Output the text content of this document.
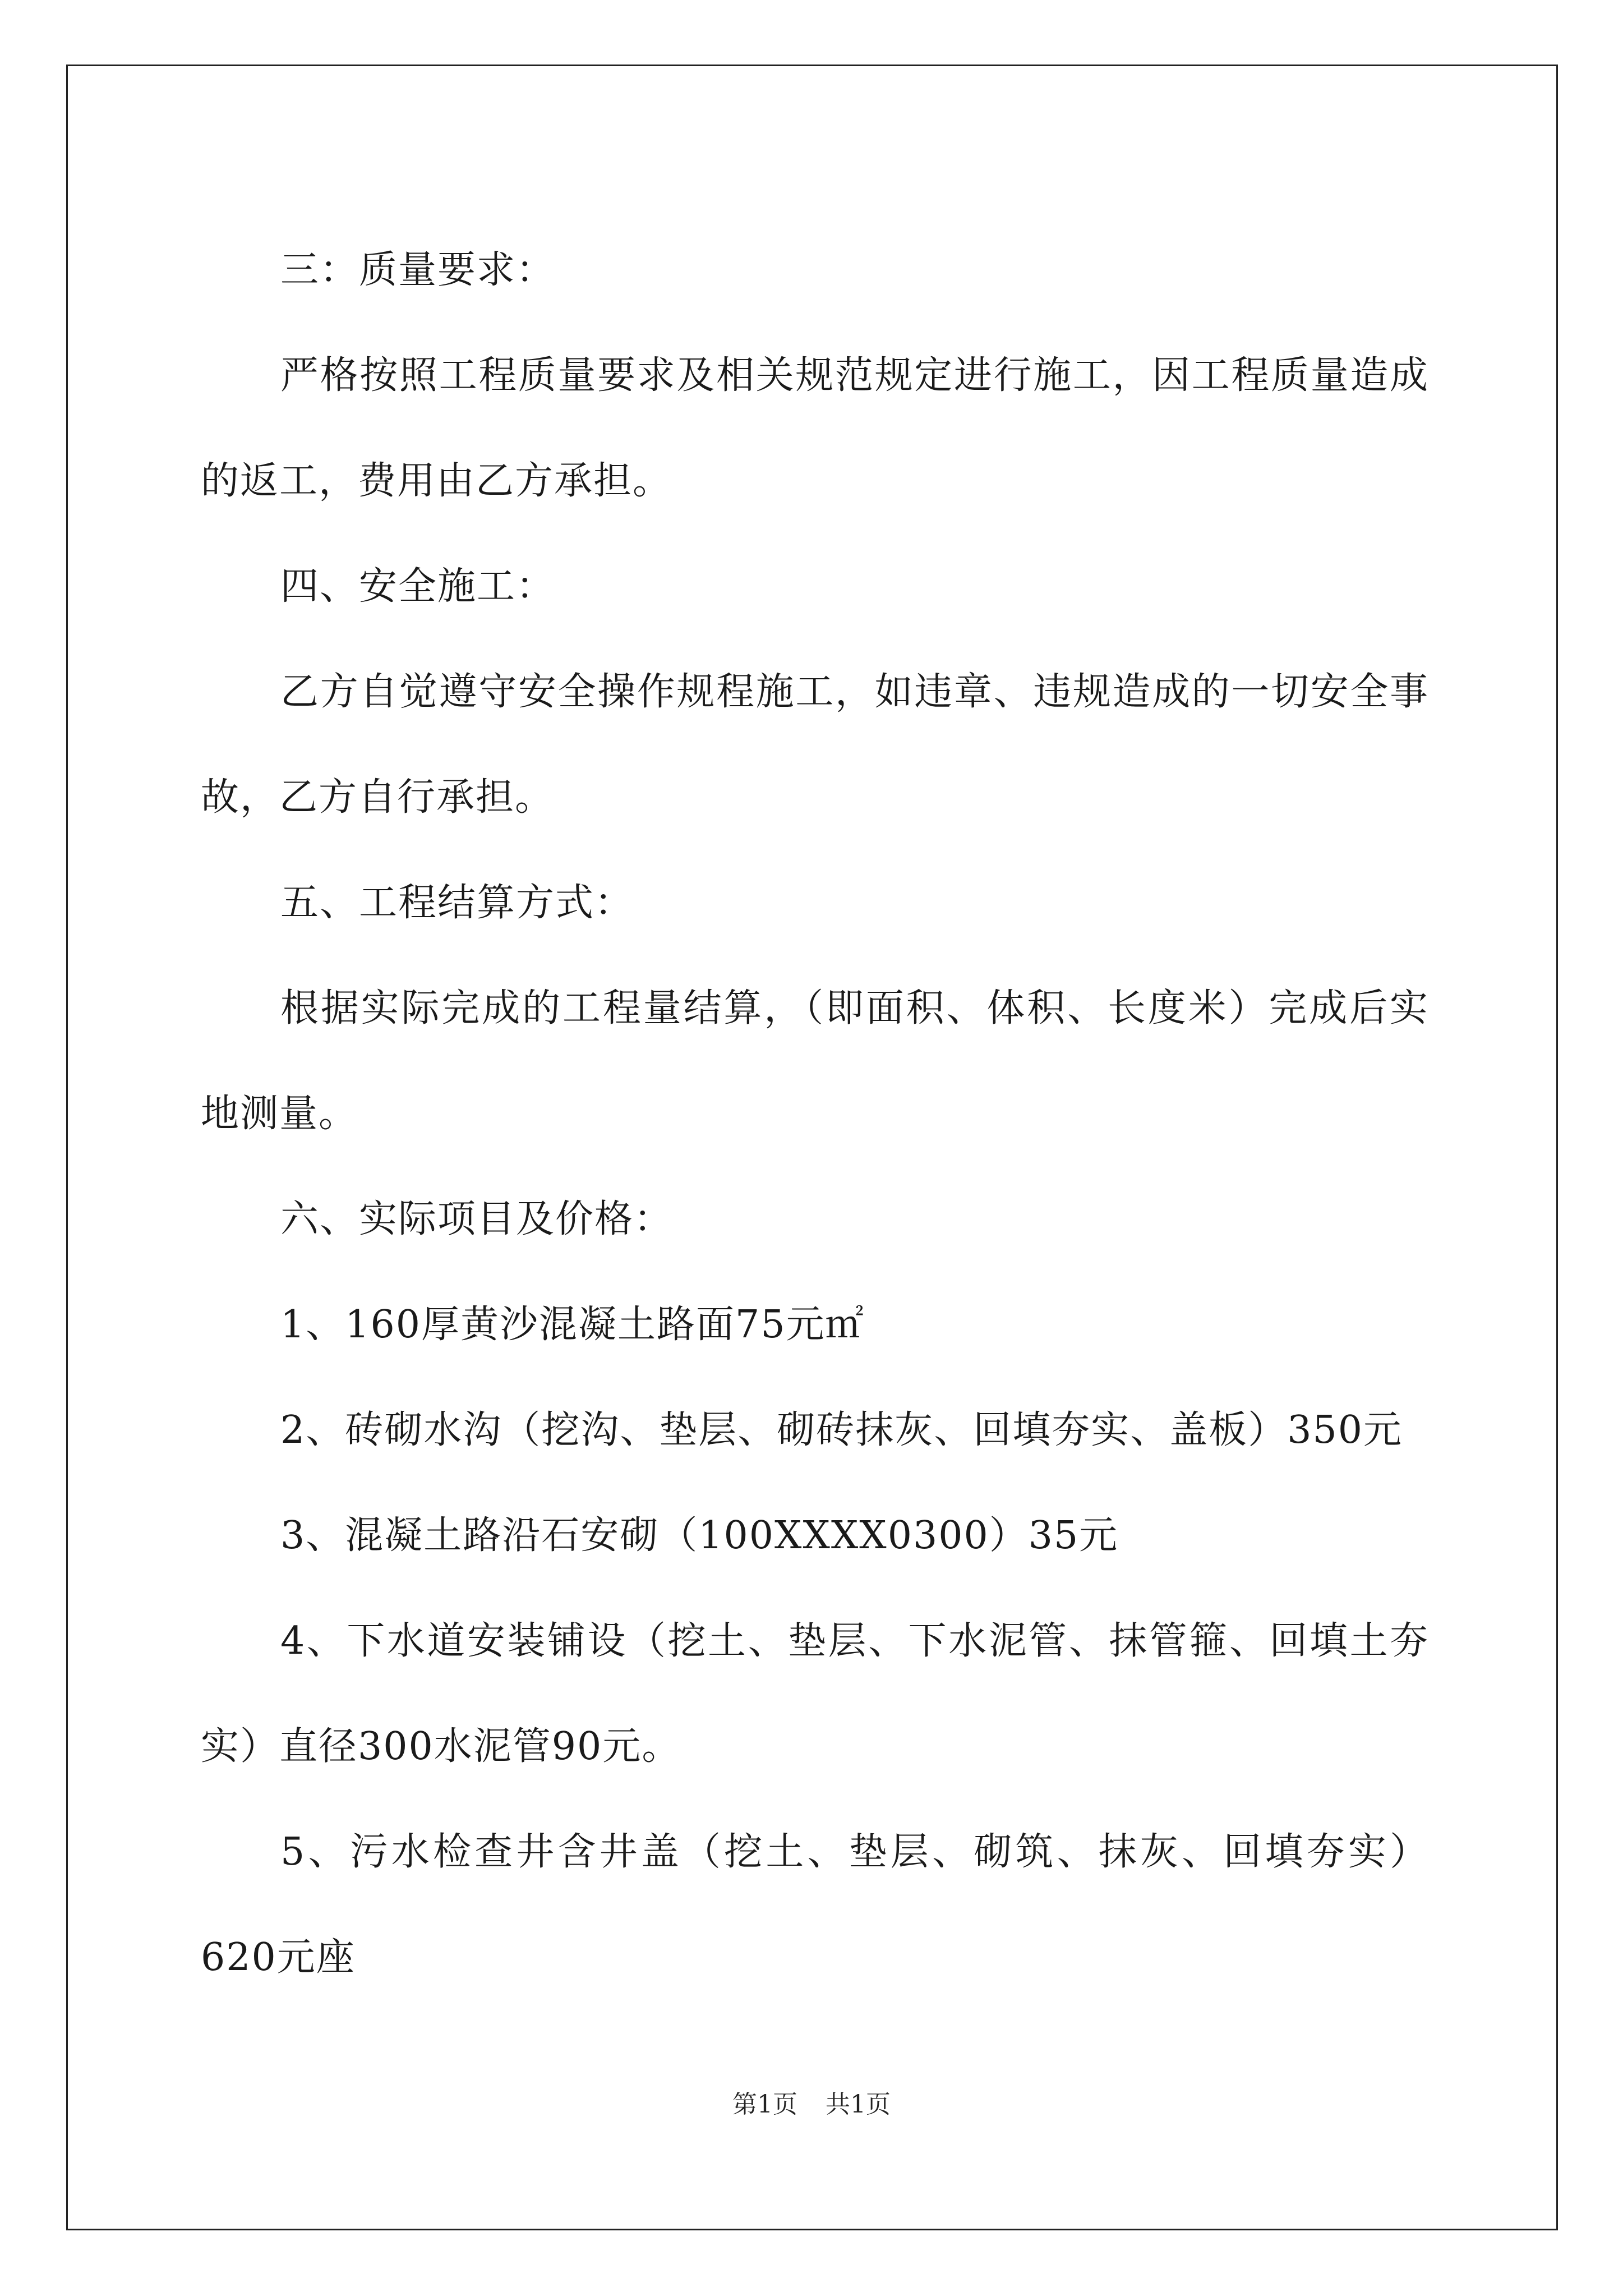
三：质量要求：

严格按照工程质量要求及相关规范规定进行施工，因工程质量造成的返工，费用由乙方承担。

四、安全施工：

乙方自觉遵守安全操作规程施工，如违章、违规造成的一切安全事故，乙方自行承担。

五、工程结算方式：

根据实际完成的工程量结算，（即面积、体积、长度米）完成后实地测量。

六、实际项目及价格：

1、160厚黄沙混凝土路面75元㎡

2、砖砌水沟（挖沟、垫层、砌砖抹灰、回填夯实、盖板）350元

3、混凝土路沿石安砌（100XXXX0300）35元

4、下水道安装铺设（挖土、垫层、下水泥管、抹管箍、回填土夯实）直径300水泥管90元。

5、污水检查井含井盖（挖土、垫层、砌筑、抹灰、回填夯实）620元座

第1页 共1页
